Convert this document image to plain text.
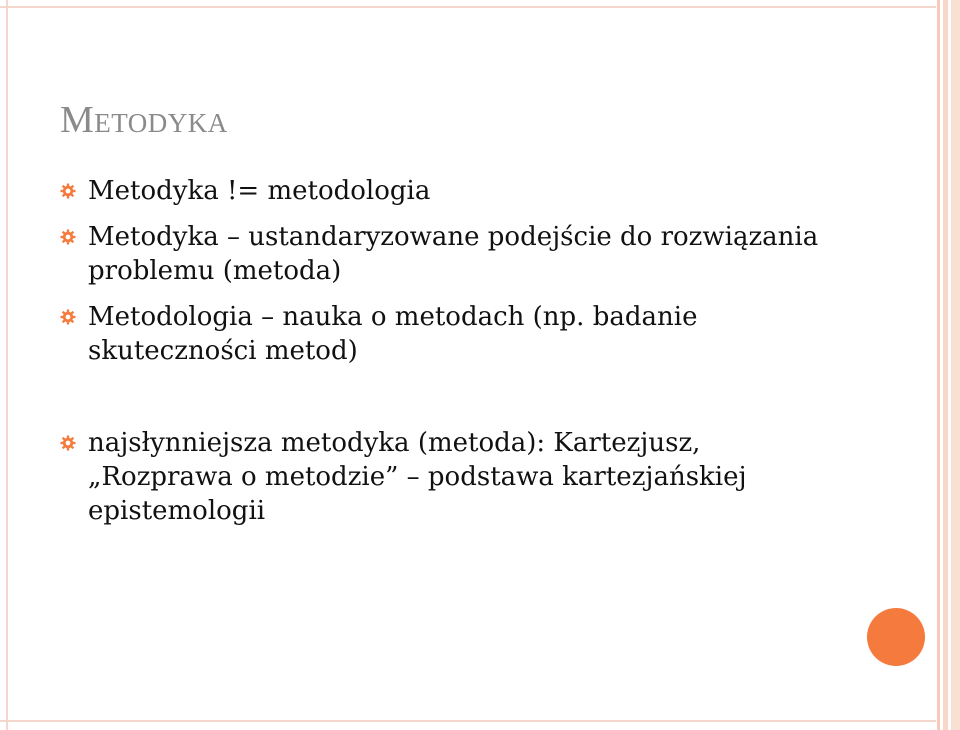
Metodyka
Metodyka != metodologia
Metodyka – ustandaryzowane podejście do rozwiązania problemu (metoda)
Metodologia – nauka o metodach (np. badanie skuteczności metod)
najsłynniejsza metodyka (metoda): Kartezjusz, „Rozprawa o metodzie” – podstawa kartezjańskiej epistemologii
